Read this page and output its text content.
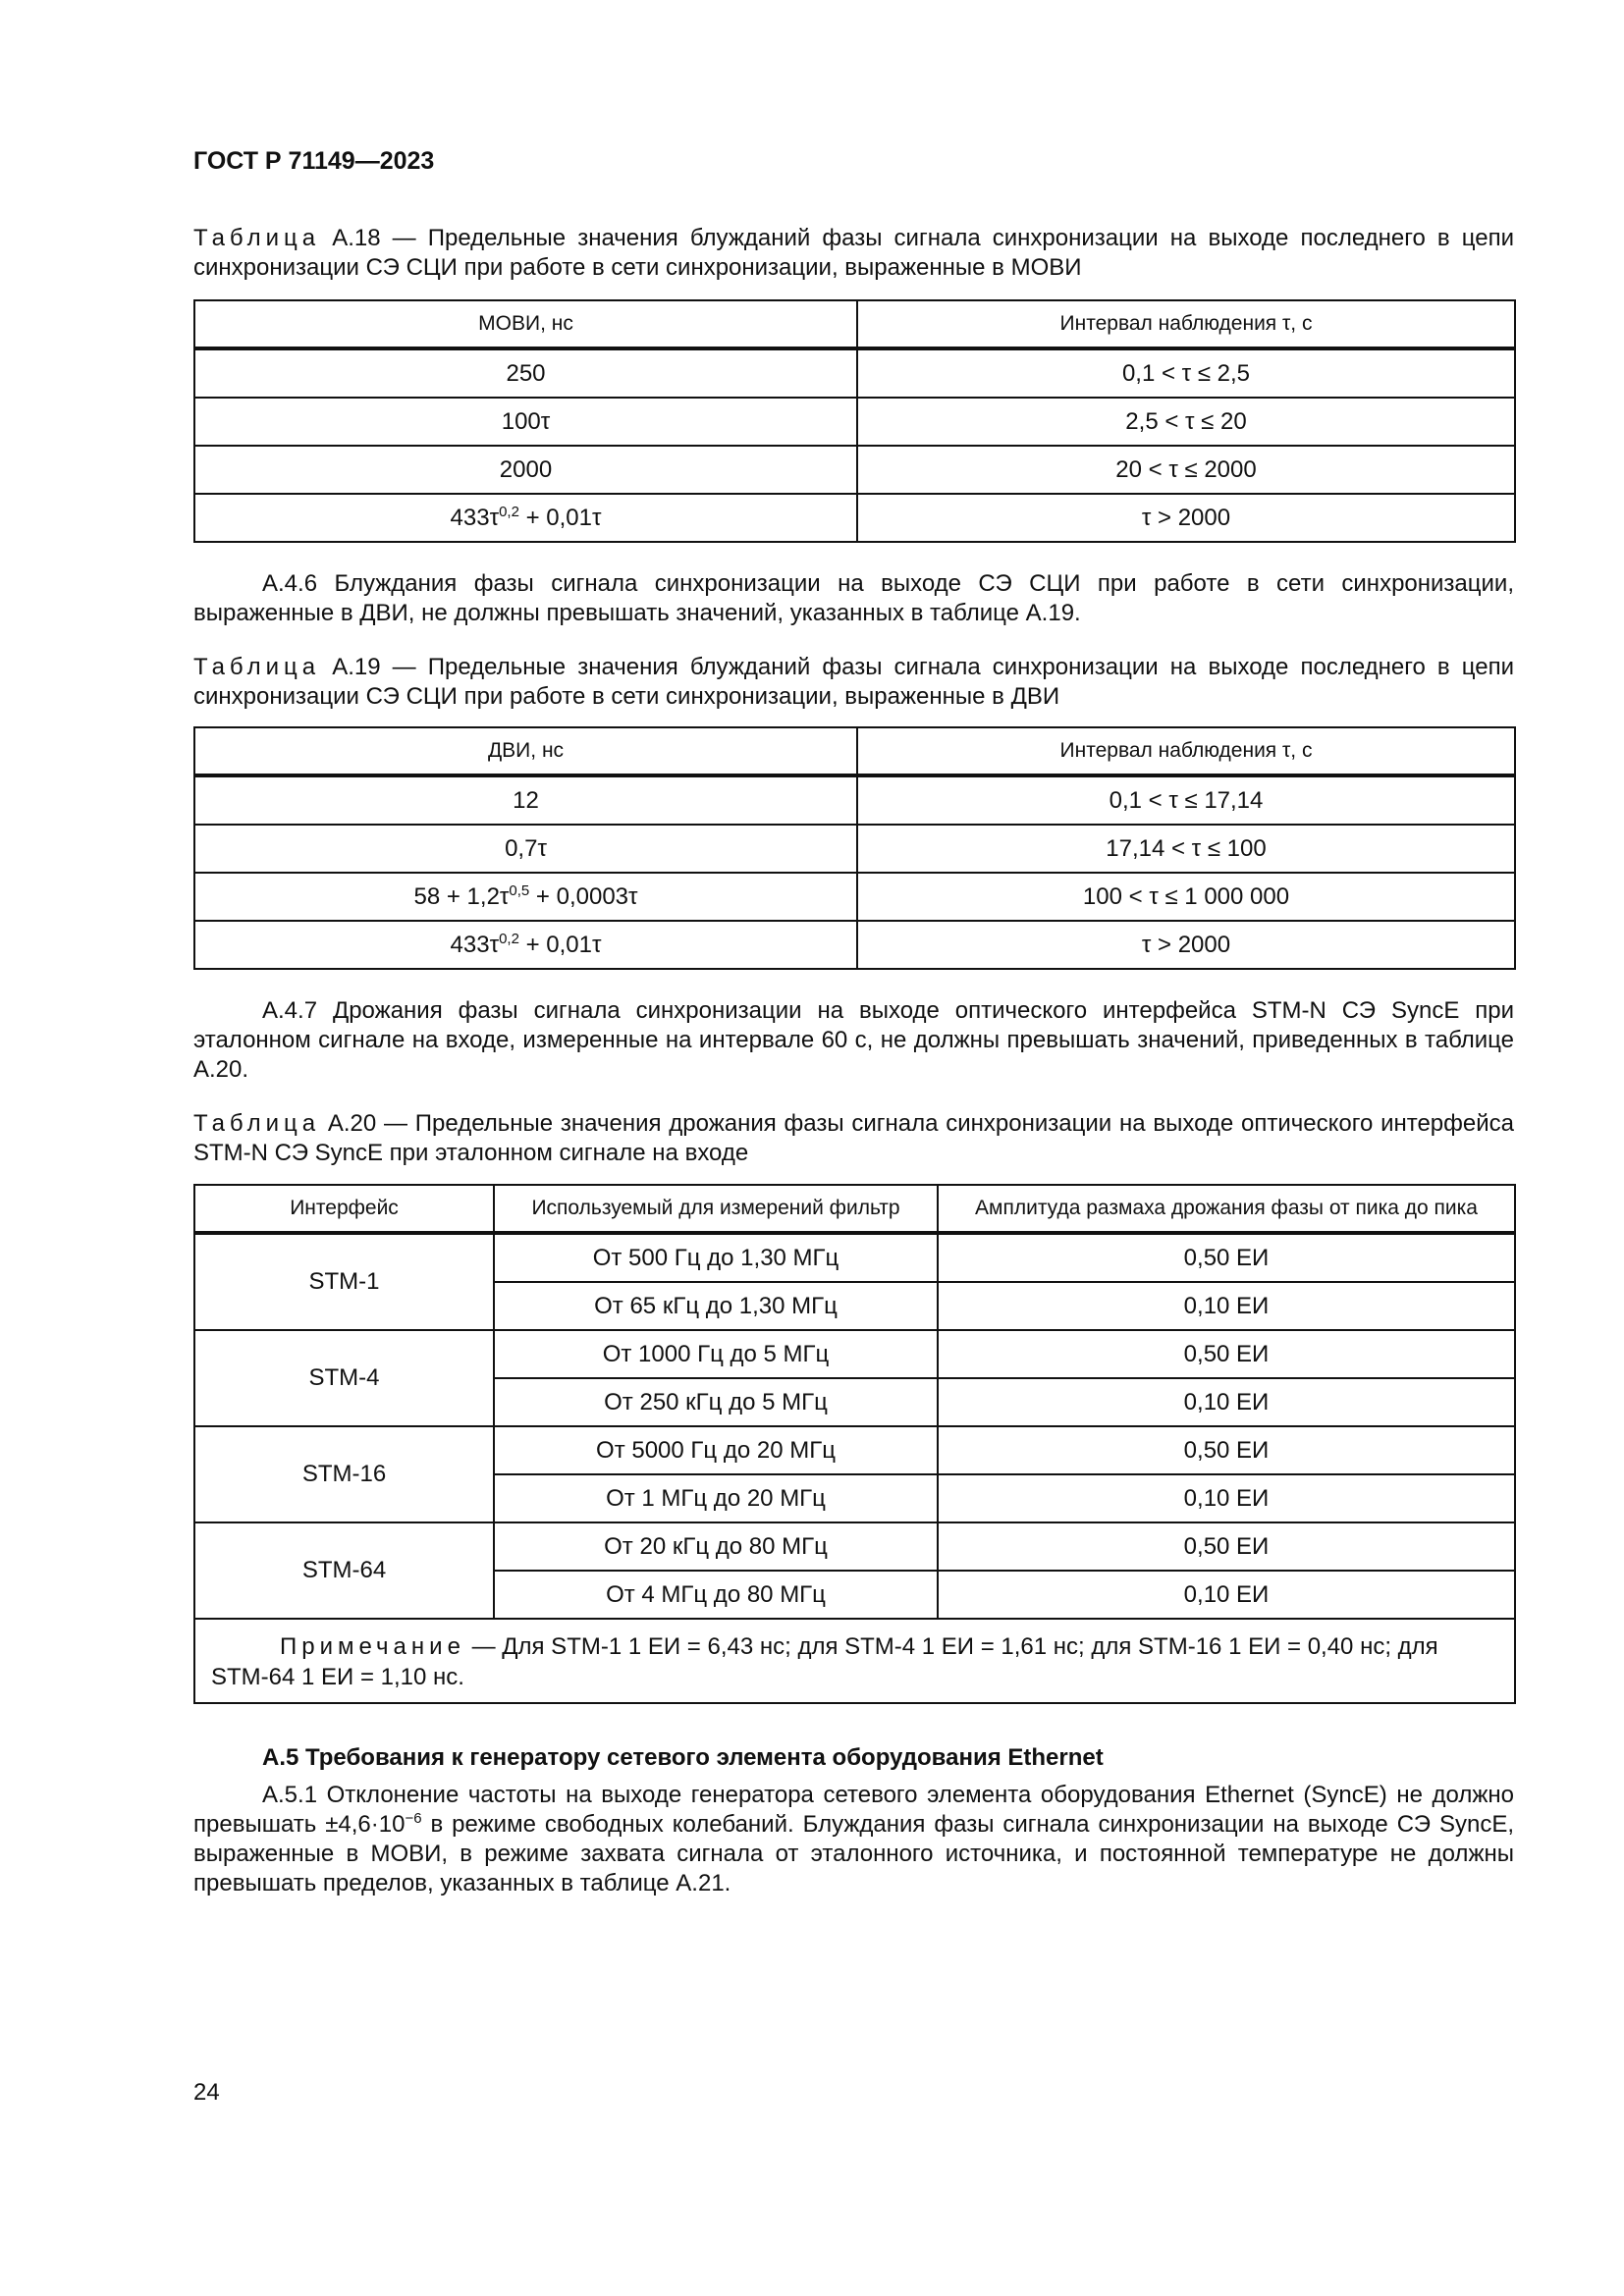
ГОСТ Р 71149—2023
Таблица А.18 — Предельные значения блужданий фазы сигнала синхронизации на выходе последнего в цепи синхронизации СЭ СЦИ при работе в сети синхронизации, выраженные в МОВИ
МОВИ, нс	Интервал наблюдения τ, с
250	0,1 < τ ≤ 2,5
100τ	2,5 < τ ≤ 20
2000	20 < τ ≤ 2000
$433\tau^{0,2} + 0,01\tau$	τ > 2000
А.4.6 Блуждания фазы сигнала синхронизации на выходе СЭ СЦИ при работе в сети синхронизации, выраженные в ДВИ, не должны превышать значений, указанных в таблице А.19.
Таблица А.19 — Предельные значения блужданий фазы сигнала синхронизации на выходе последнего в цепи синхронизации СЭ СЦИ при работе в сети синхронизации, выраженные в ДВИ
ДВИ, нс	Интервал наблюдения τ, с
12	0,1 < τ ≤ 17,14
0,7τ	17,14 < τ ≤ 100
$58 + 1,2\tau^{0,5} + 0,0003\tau$	100 < τ ≤ 1 000 000
$433\tau^{0,2} + 0,01\tau$	τ > 2000
А.4.7 Дрожания фазы сигнала синхронизации на выходе оптического интерфейса STM-N СЭ SyncE при эталонном сигнале на входе, измеренные на интервале 60 с, не должны превышать значений, приведенных в таблице А.20.
Таблица А.20 — Предельные значения дрожания фазы сигнала синхронизации на выходе оптического интерфейса STM-N СЭ SyncE при эталонном сигнале на входе
Интерфейс	Используемый для измерений фильтр	Амплитуда размаха дрожания фазы от пика до пика
STM-1	От 500 Гц до 1,30 МГц	0,50 ЕИ
	От 65 кГц до 1,30 МГц	0,10 ЕИ
STM-4	От 1000 Гц до 5 МГц	0,50 ЕИ
	От 250 кГц до 5 МГц	0,10 ЕИ
STM-16	От 5000 Гц до 20 МГц	0,50 ЕИ
	От 1 МГц до 20 МГц	0,10 ЕИ
STM-64	От 20 кГц до 80 МГц	0,50 ЕИ
	От 4 МГц до 80 МГц	0,10 ЕИ
Примечание — Для STM-1 1 ЕИ = 6,43 нс; для STM-4 1 ЕИ = 1,61 нс; для STM-16 1 ЕИ = 0,40 нс; для STM-64 1 ЕИ = 1,10 нс.		
А.5 Требования к генератору сетевого элемента оборудования Ethernet
А.5.1 Отклонение частоты на выходе генератора сетевого элемента оборудования Ethernet (SyncE) не должно превышать $\pm 4,6\cdot 10^{-6}$ в режиме свободных колебаний. Блуждания фазы сигнала синхронизации на выходе СЭ SyncE, выраженные в МОВИ, в режиме захвата сигнала от эталонного источника, и постоянной температуре не должны превышать пределов, указанных в таблице А.21.
24
